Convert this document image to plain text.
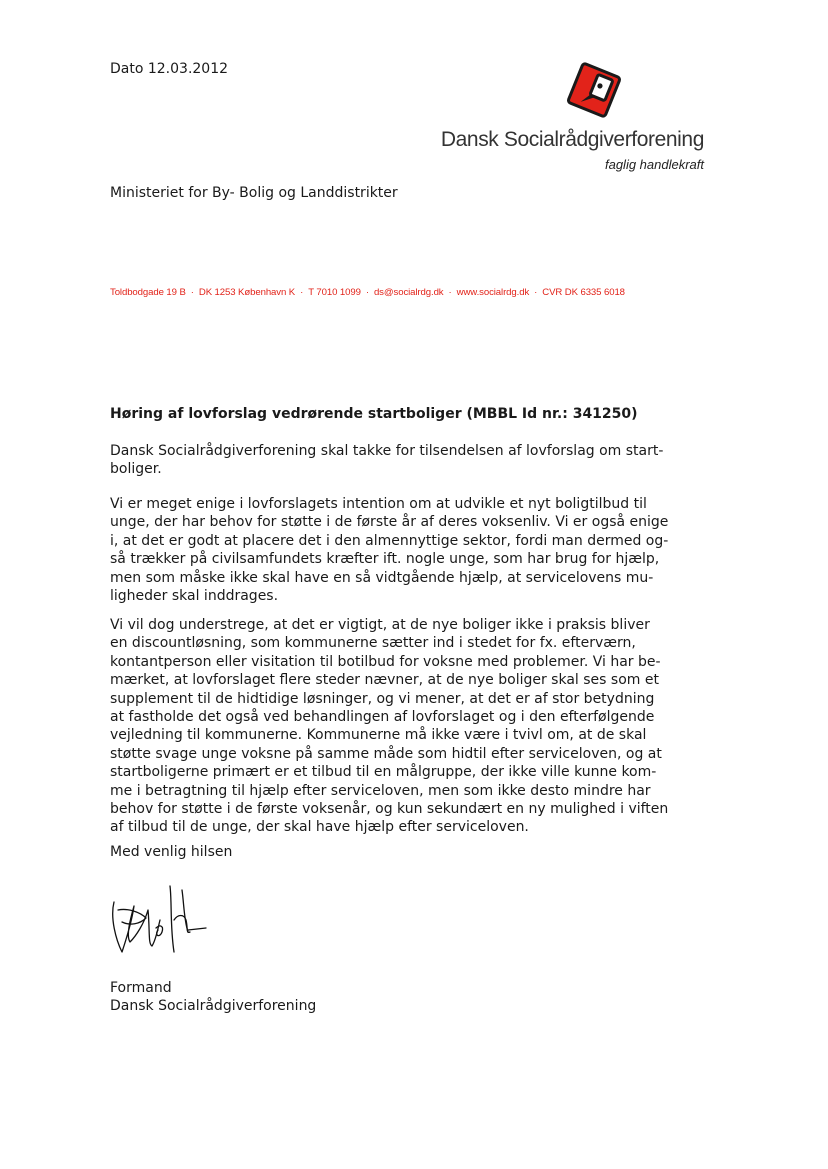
Dato 12.03.2012
Dansk Socialrådgiverforening
faglig handlekraft
Ministeriet for By- Bolig og Landdistrikter
Toldbodgade 19 B · DK 1253 København K · T 7010 1099 · ds@socialrdg.dk · www.socialrdg.dk · CVR DK 6335 6018
Høring af lovforslag vedrørende startboliger (MBBL Id nr.: 341250)
Dansk Socialrådgiverforening skal takke for tilsendelsen af lovforslag om start-
boliger.
Vi er meget enige i lovforslagets intention om at udvikle et nyt boligtilbud til
unge, der har behov for støtte i de første år af deres voksenliv. Vi er også enige
i, at det er godt at placere det i den almennyttige sektor, fordi man dermed og-
så trækker på civilsamfundets kræfter ift. nogle unge, som har brug for hjælp,
men som måske ikke skal have en så vidtgående hjælp, at servicelovens mu-
ligheder skal inddrages.
Vi vil dog understrege, at det er vigtigt, at de nye boliger ikke i praksis bliver
en discountløsning, som kommunerne sætter ind i stedet for fx. efterværn,
kontantperson eller visitation til botilbud for voksne med problemer. Vi har be-
mærket, at lovforslaget flere steder nævner, at de nye boliger skal ses som et
supplement til de hidtidige løsninger, og vi mener, at det er af stor betydning
at fastholde det også ved behandlingen af lovforslaget og i den efterfølgende
vejledning til kommunerne. Kommunerne må ikke være i tvivl om, at de skal
støtte svage unge voksne på samme måde som hidtil efter serviceloven, og at
startboligerne primært er et tilbud til en målgruppe, der ikke ville kunne kom-
me i betragtning til hjælp efter serviceloven, men som ikke desto mindre har
behov for støtte i de første voksenår, og kun sekundært en ny mulighed i viften
af tilbud til de unge, der skal have hjælp efter serviceloven.
Med venlig hilsen
Formand
Dansk Socialrådgiverforening
